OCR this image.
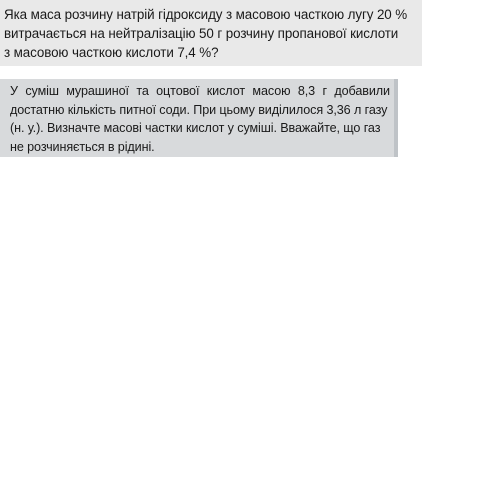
Яка маса розчину натрій гідроксиду з масовою часткою лугу 20 %
витрачається на нейтралізацію 50 г розчину пропанової кислоти
з масовою часткою кислоти 7,4 %?
У суміш мурашиної та оцтової кислот масою 8,3 г добавили
достатню кількість питної соди. При цьому виділилося 3,36 л газу
(н. у.). Визначте масові частки кислот у суміші. Вважайте, що газ
не розчиняється в рідині.
